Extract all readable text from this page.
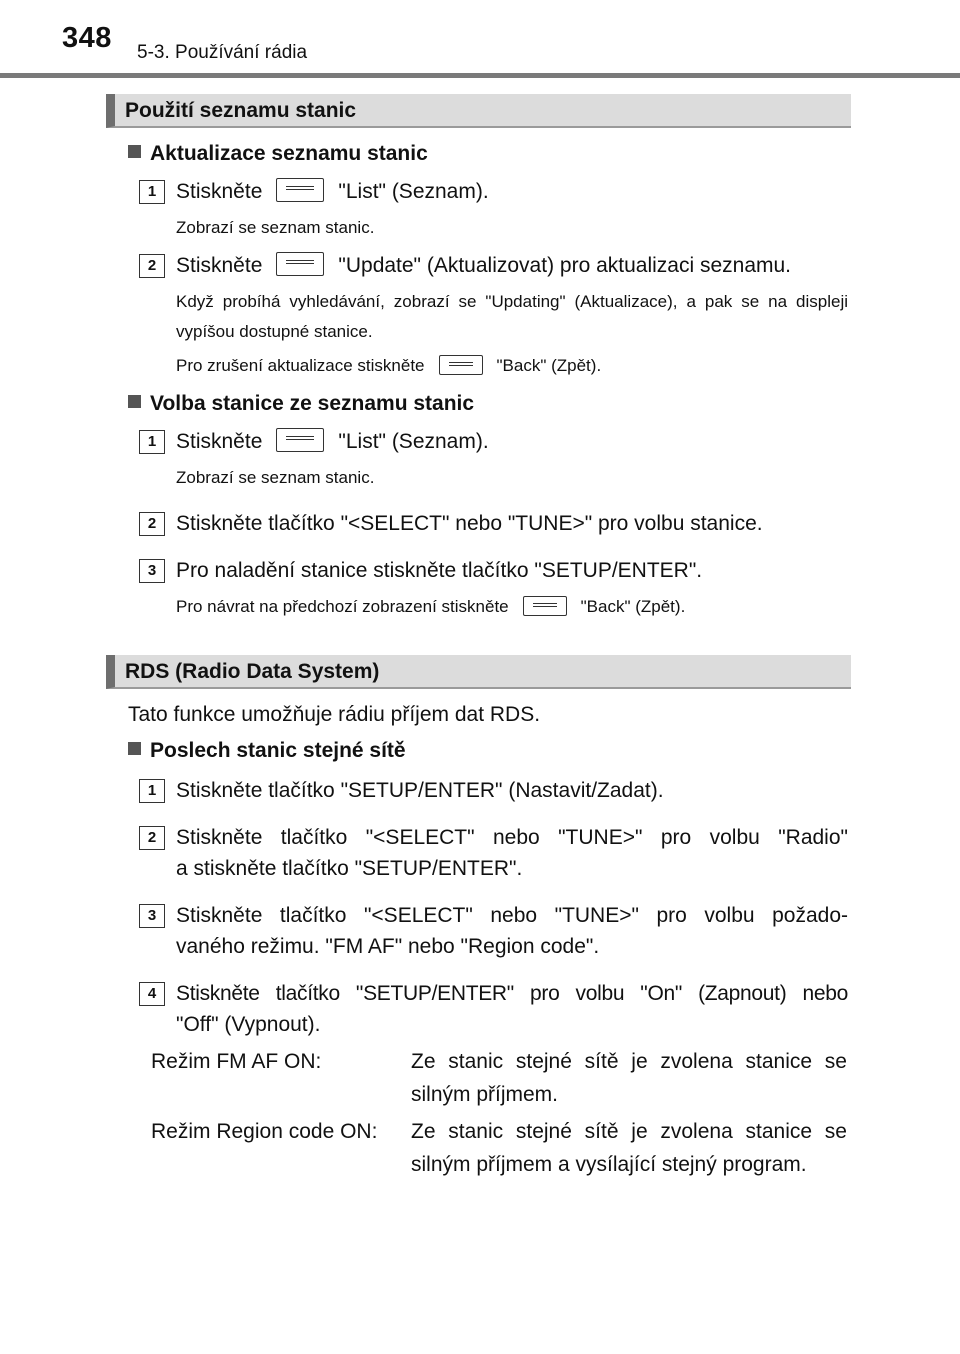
348 5-3. Používání rádia
Použití seznamu stanic
Aktualizace seznamu stanic
1 Stiskněte	"List" (Seznam).
Zobrazí se seznam stanic.
2 Stiskněte	"Update" (Aktualizovat) pro aktualizaci seznamu.
Když probíhá vyhledávání, zobrazí se "Updating" (Aktualizace), a pak se na displeji vypíšou dostupné stanice.
Pro zrušení aktualizace stiskněte	"Back" (Zpět).
Volba stanice ze seznamu stanic
1 Stiskněte	"List" (Seznam).
Zobrazí se seznam stanic.
2 Stiskněte tlačítko "<SELECT" nebo "TUNE>" pro volbu stanice.
3 Pro naladění stanice stiskněte tlačítko "SETUP/ENTER".
Pro návrat na předchozí zobrazení stiskněte	"Back" (Zpět).
RDS (Radio Data System)
Tato funkce umožňuje rádiu příjem dat RDS.
Poslech stanic stejné sítě
1 Stiskněte tlačítko "SETUP/ENTER" (Nastavit/Zadat).
2 Stiskněte tlačítko "<SELECT" nebo "TUNE>" pro volbu "Radio"
a stiskněte tlačítko "SETUP/ENTER".
3 Stiskněte tlačítko "<SELECT" nebo "TUNE>" pro volbu požado-
vaného režimu. "FM AF" nebo "Region code".
4 Stiskněte tlačítko "SETUP/ENTER" pro volbu "On" (Zapnout) nebo
"Off" (Vypnout).
Režim FM AF ON:	Ze stanic stejné sítě je zvolena stanice se silným příjmem.
Režim Region code ON: Ze stanic stejné sítě je zvolena stanice se silným příjmem a vysílající stejný program.
